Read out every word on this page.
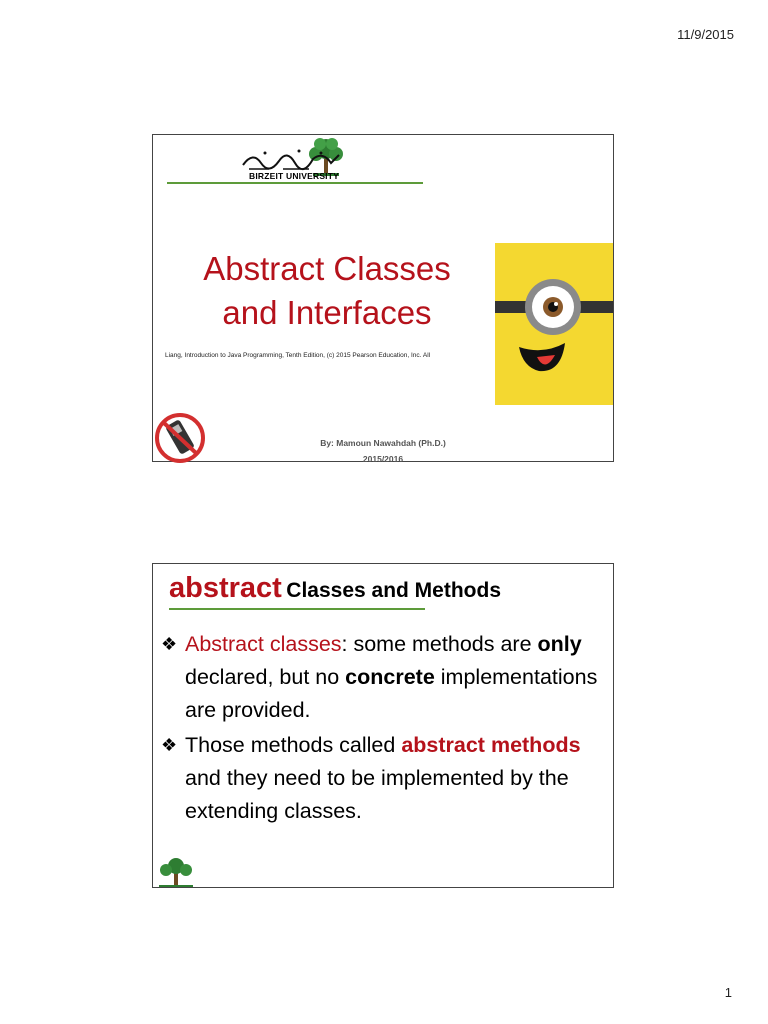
11/9/2015
BIRZEIT UNIVERSITY
Abstract Classes
and Interfaces
Liang, Introduction to Java Programming, Tenth Edition, (c) 2015 Pearson Education, Inc. All
By: Mamoun Nawahdah (Ph.D.)
2015/2016
abstract Classes and Methods
❖ Abstract classes: some methods are only declared, but no concrete implementations are provided.
❖ Those methods called abstract methods and they need to be implemented by the extending classes.
1
